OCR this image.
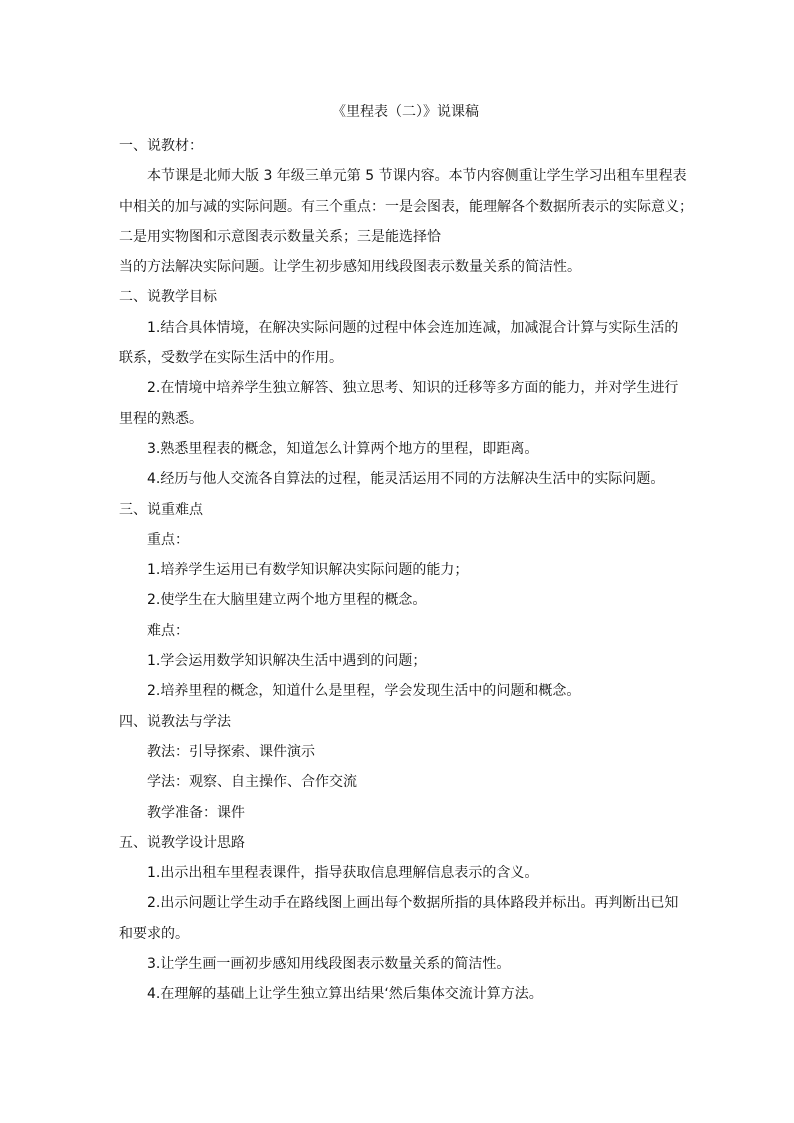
《里程表（二）》说课稿
一、说教材：
本节课是北师大版 3 年级三单元第 5 节课内容。本节内容侧重让学生学习出租车里程表
中相关的加与减的实际问题。有三个重点：一是会图表，能理解各个数据所表示的实际意义；
二是用实物图和示意图表示数量关系；三是能选择恰
当的方法解决实际问题。让学生初步感知用线段图表示数量关系的简洁性。
二、说教学目标
1.结合具体情境，在解决实际问题的过程中体会连加连减，加减混合计算与实际生活的
联系，受数学在实际生活中的作用。
2.在情境中培养学生独立解答、独立思考、知识的迁移等多方面的能力，并对学生进行
里程的熟悉。
3.熟悉里程表的概念，知道怎么计算两个地方的里程，即距离。
4.经历与他人交流各自算法的过程，能灵活运用不同的方法解决生活中的实际问题。
三、说重难点
重点：
1.培养学生运用已有数学知识解决实际问题的能力；
2.使学生在大脑里建立两个地方里程的概念。
难点：
1.学会运用数学知识解决生活中遇到的问题；
2.培养里程的概念，知道什么是里程，学会发现生活中的问题和概念。
四、说教法与学法
教法：引导探索、课件演示
学法：观察、自主操作、合作交流
教学准备：课件
五、说教学设计思路
1.出示出租车里程表课件，指导获取信息理解信息表示的含义。
2.出示问题让学生动手在路线图上画出每个数据所指的具体路段并标出。再判断出已知
和要求的。
3.让学生画一画初步感知用线段图表示数量关系的简洁性。
4.在理解的基础上让学生独立算出结果‘然后集体交流计算方法。
